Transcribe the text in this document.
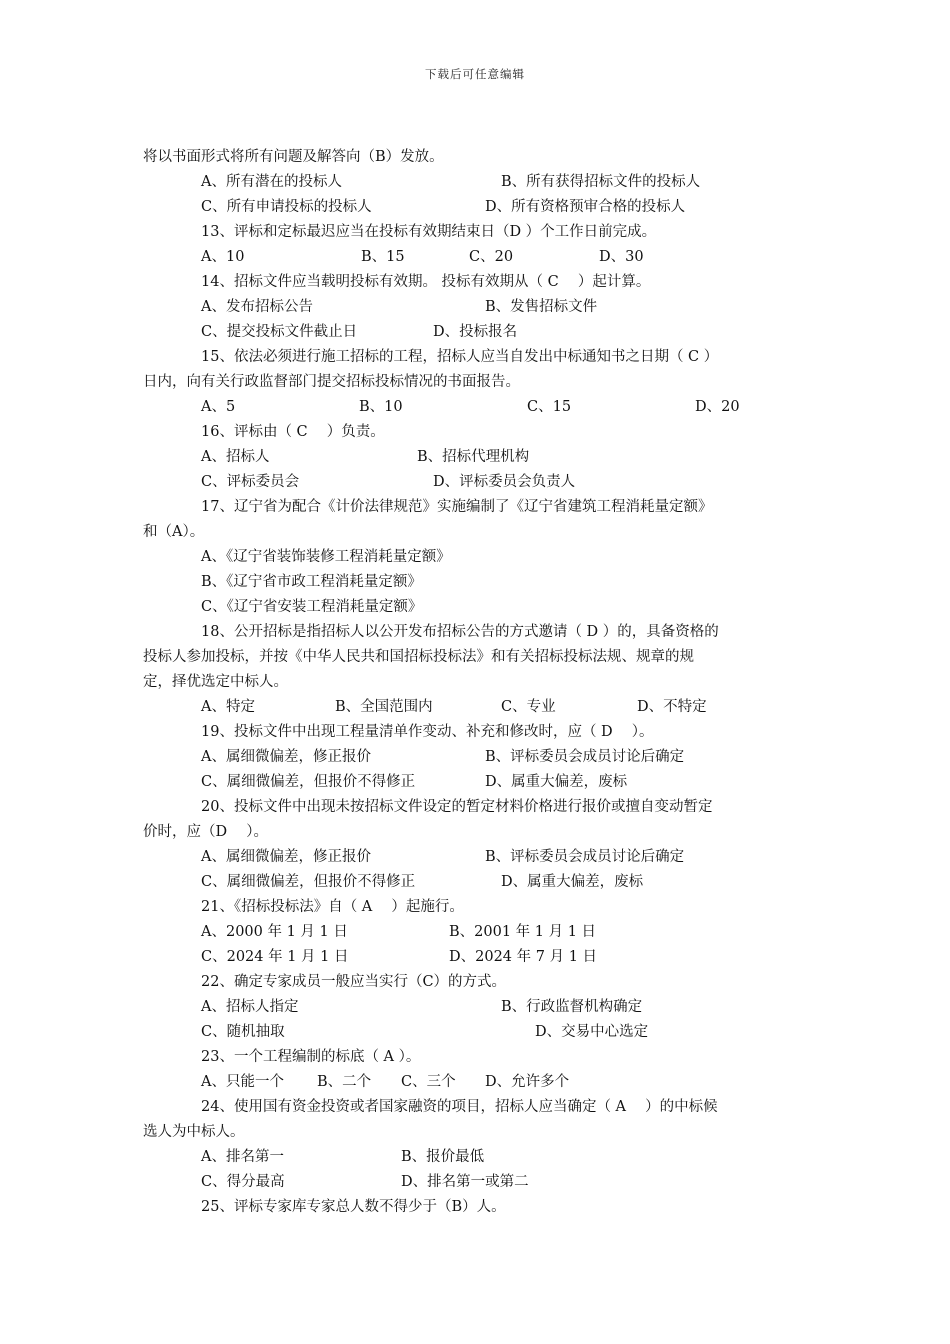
下载后可任意编辑
将以书面形式将所有问题及解答向（B）发放。
A、所有潜在的投标人	B、所有获得招标文件的投标人
C、所有申请投标的投标人	D、所有资格预审合格的投标人
13、评标和定标最迟应当在投标有效期结束日（D ）个工作日前完成。
A、10	B、15	C、20	D、30
14、招标文件应当载明投标有效期。 投标有效期从（ C　 ）起计算。
A、发布招标公告	B、发售招标文件
C、提交投标文件截止日	D、投标报名
15、依法必须进行施工招标的工程，招标人应当自发出中标通知书之日期（ C ）
日内，向有关行政监督部门提交招标投标情况的书面报告。
A、5	B、10	C、15	D、20
16、评标由（ C　 ）负责。
A、招标人	B、招标代理机构
C、评标委员会	D、评标委员会负责人
17、辽宁省为配合《计价法律规范》实施编制了《辽宁省建筑工程消耗量定额》
和（A）。
A、《辽宁省装饰装修工程消耗量定额》
B、《辽宁省市政工程消耗量定额》
C、《辽宁省安装工程消耗量定额》
18、公开招标是指招标人以公开发布招标公告的方式邀请（ D ）的，具备资格的
投标人参加投标，并按《中华人民共和国招标投标法》和有关招标投标法规、规章的规
定，择优选定中标人。
A、特定	B、全国范围内	C、专业	D、不特定
19、投标文件中出现工程量清单作变动、补充和修改时，应（ D　 ）。
A、属细微偏差，修正报价	B、评标委员会成员讨论后确定
C、属细微偏差，但报价不得修正	D、属重大偏差，废标
20、投标文件中出现未按招标文件设定的暂定材料价格进行报价或擅自变动暂定
价时，应（D　 ）。
A、属细微偏差，修正报价	B、评标委员会成员讨论后确定
C、属细微偏差，但报价不得修正	D、属重大偏差，废标
21、《招标投标法》自（ A　 ）起施行。
A、2000 年 1 月 1 日	B、2001 年 1 月 1 日
C、2024 年 1 月 1 日	D、2024 年 7 月 1 日
22、确定专家成员一般应当实行（C）的方式。
A、招标人指定	B、行政监督机构确定
C、随机抽取	D、交易中心选定
23、一个工程编制的标底（ A ）。
A、只能一个 B、二个 C、三个 D、允许多个
24、使用国有资金投资或者国家融资的项目，招标人应当确定（ A　 ）的中标候
选人为中标人。
A、排名第一	B、报价最低
C、得分最高	D、排名第一或第二
25、评标专家库专家总人数不得少于（B）人。
